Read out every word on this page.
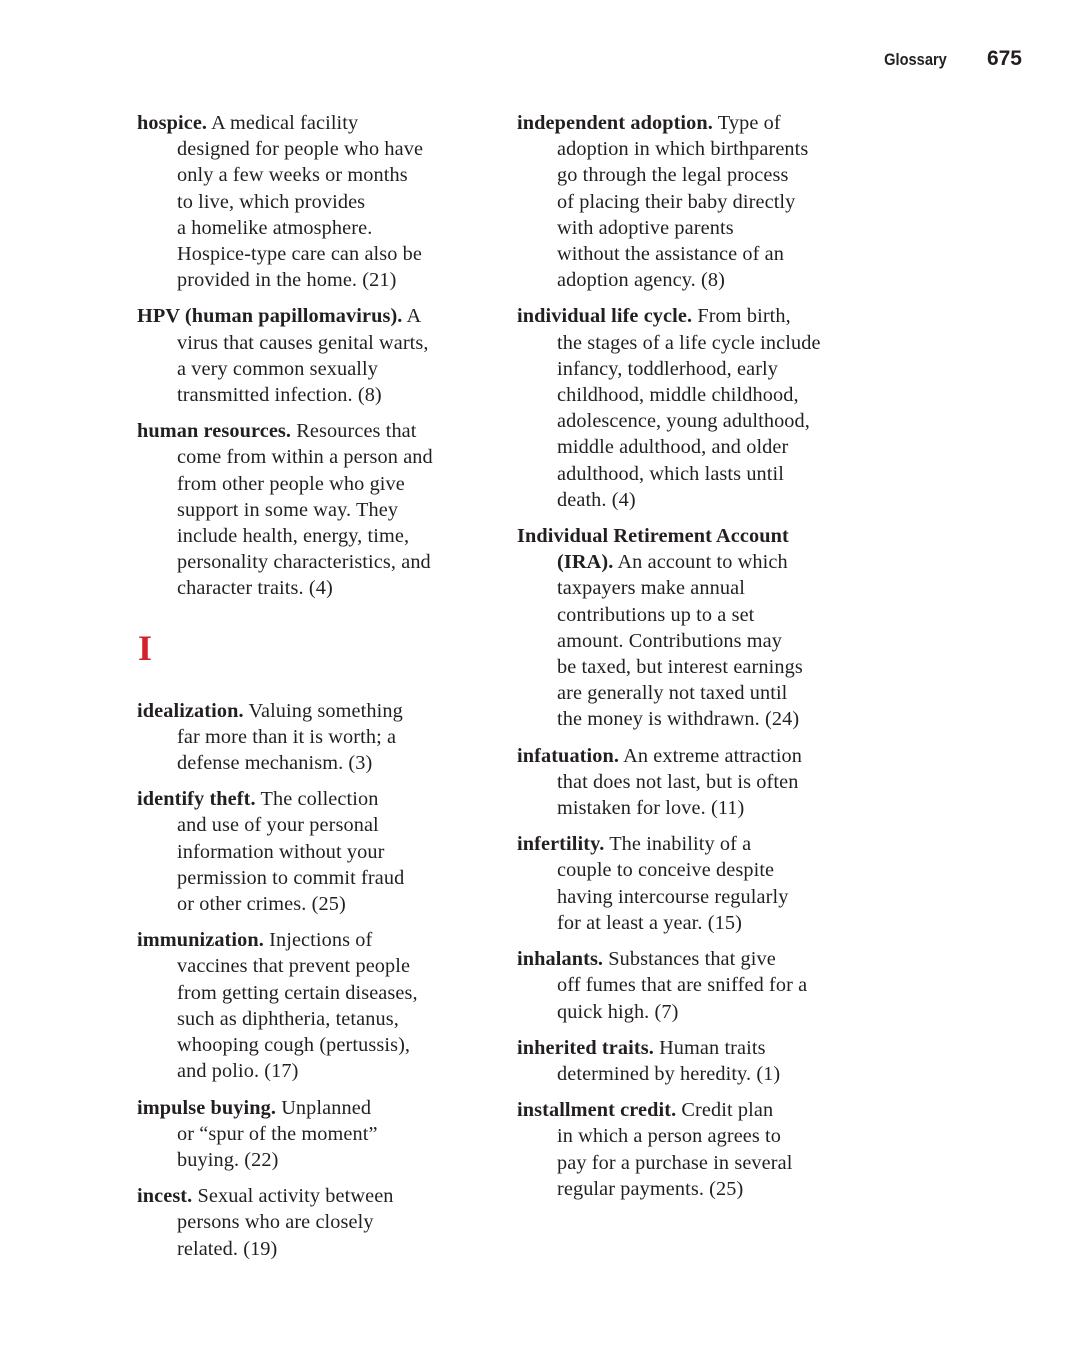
Glossary 675
hospice. A medical facility
designed for people who have
only a few weeks or months
to live, which provides
a homelike atmosphere.
Hospice-type care can also be
provided in the home. (21)
HPV (human papillomavirus). A
virus that causes genital warts,
a very common sexually
transmitted infection. (8)
human resources. Resources that
come from within a person and
from other people who give
support in some way. They
include health, energy, time,
personality characteristics, and
character traits. (4)
I
idealization. Valuing something
far more than it is worth; a
defense mechanism. (3)
identify theft. The collection
and use of your personal
information without your
permission to commit fraud
or other crimes. (25)
immunization. Injections of
vaccines that prevent people
from getting certain diseases,
such as diphtheria, tetanus,
whooping cough (pertussis),
and polio. (17)
impulse buying. Unplanned
or “spur of the moment”
buying. (22)
incest. Sexual activity between
persons who are closely
related. (19)
independent adoption. Type of
adoption in which birthparents
go through the legal process
of placing their baby directly
with adoptive parents
without the assistance of an
adoption agency. (8)
individual life cycle. From birth,
the stages of a life cycle include
infancy, toddlerhood, early
childhood, middle childhood,
adolescence, young adulthood,
middle adulthood, and older
adulthood, which lasts until
death. (4)
Individual Retirement Account
(IRA). An account to which
taxpayers make annual
contributions up to a set
amount. Contributions may
be taxed, but interest earnings
are generally not taxed until
the money is withdrawn. (24)
infatuation. An extreme attraction
that does not last, but is often
mistaken for love. (11)
infertility. The inability of a
couple to conceive despite
having intercourse regularly
for at least a year. (15)
inhalants. Substances that give
off fumes that are sniffed for a
quick high. (7)
inherited traits. Human traits
determined by heredity. (1)
installment credit. Credit plan
in which a person agrees to
pay for a purchase in several
regular payments. (25)
